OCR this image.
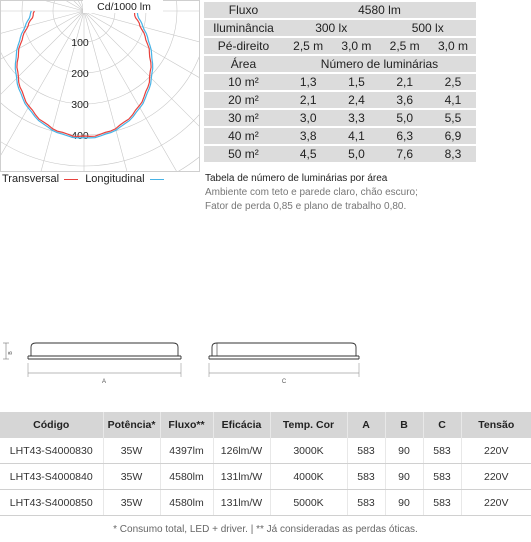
100
200
300
400
Cd/1000 lm
Transversal Longitudinal
Fluxo	4580 lm			
Iluminância	300 lx		500 lx	
Pé-direito	2,5 m	3,0 m	2,5 m	3,0 m
Área	Número de luminárias			
10 m²	1,3	1,5	2,1	2,5
20 m²	2,1	2,4	3,6	4,1
30 m²	3,0	3,3	5,0	5,5
40 m²	3,8	4,1	6,3	6,9
50 m²	4,5	5,0	7,6	8,3
Tabela de número de luminárias por área
Ambiente com teto e parede claro, chão escuro;
Fator de perda 0,85 e plano de trabalho 0,80.
A
B
C
Código	Potência*	Fluxo**	Eficácia	Temp. Cor	A	B	C	Tensão
LHT43-S4000830	35W	4397lm	126lm/W	3000K	583	90	583	220V
LHT43-S4000840	35W	4580lm	131lm/W	4000K	583	90	583	220V
LHT43-S4000850	35W	4580lm	131lm/W	5000K	583	90	583	220V
* Consumo total, LED + driver. | ** Já consideradas as perdas óticas.
